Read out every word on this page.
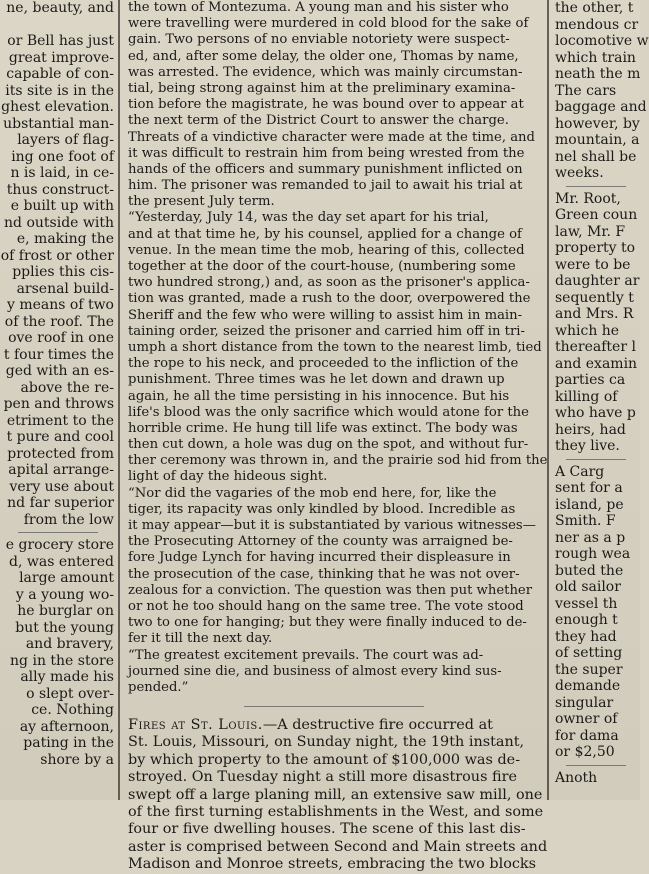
ne, beauty, and
or Bell has just
great improve-
capable of con-
its site is in the
ghest elevation.
ubstantial man-
layers of flag-
ing one foot of
n is laid, in ce-
thus construct-
e built up with
nd outside with
e, making the
of frost or other
pplies this cis-
arsenal build-
y means of two
of the roof. The
ove roof in one
t four times the
ged with an es-
above the re-
pen and throws
etriment to the
t pure and cool
protected from
apital arrange-
very use about
nd far superior
from the low
e grocery store
d, was entered
large amount
y a young wo-
he burglar on
but the young
and bravery,
ng in the store
ally made his
o slept over-
ce. Nothing
ay afternoon,
pating in the
shore by a
the town of Montezuma. A young man and his sister who
were travelling were murdered in cold blood for the sake of
gain. Two persons of no enviable notoriety were suspect-
ed, and, after some delay, the older one, Thomas by name,
was arrested. The evidence, which was mainly circumstan-
tial, being strong against him at the preliminary examina-
tion before the magistrate, he was bound over to appear at
the next term of the District Court to answer the charge.
Threats of a vindictive character were made at the time, and
it was difficult to restrain him from being wrested from the
hands of the officers and summary punishment inflicted on
him. The prisoner was remanded to jail to await his trial at
the present July term.
“Yesterday, July 14, was the day set apart for his trial,
and at that time he, by his counsel, applied for a change of
venue. In the mean time the mob, hearing of this, collected
together at the door of the court-house, (numbering some
two hundred strong,) and, as soon as the prisoner's applica-
tion was granted, made a rush to the door, overpowered the
Sheriff and the few who were willing to assist him in main-
taining order, seized the prisoner and carried him off in tri-
umph a short distance from the town to the nearest limb, tied
the rope to his neck, and proceeded to the infliction of the
punishment. Three times was he let down and drawn up
again, he all the time persisting in his innocence. But his
life's blood was the only sacrifice which would atone for the
horrible crime. He hung till life was extinct. The body was
then cut down, a hole was dug on the spot, and without fur-
ther ceremony was thrown in, and the prairie sod hid from the
light of day the hideous sight.
“Nor did the vagaries of the mob end here, for, like the
tiger, its rapacity was only kindled by blood. Incredible as
it may appear—but it is substantiated by various witnesses—
the Prosecuting Attorney of the county was arraigned be-
fore Judge Lynch for having incurred their displeasure in
the prosecution of the case, thinking that he was not over-
zealous for a conviction. The question was then put whether
or not he too should hang on the same tree. The vote stood
two to one for hanging; but they were finally induced to de-
fer it till the next day.
“The greatest excitement prevails. The court was ad-
journed sine die, and business of almost every kind sus-
pended.”
Fires at St. Louis.—A destructive fire occurred at
St. Louis, Missouri, on Sunday night, the 19th instant,
by which property to the amount of $100,000 was de-
stroyed. On Tuesday night a still more disastrous fire
swept off a large planing mill, an extensive saw mill, one
of the first turning establishments in the West, and some
four or five dwelling houses. The scene of this last dis-
aster is comprised between Second and Main streets and
Madison and Monroe streets, embracing the two blocks
the other, t
mendous cr
locomotive w
which train
neath the m
The cars
baggage and
however, by
mountain, a
nel shall be
weeks.
Mr. Root,
Green coun
law, Mr. F
property to
were to be
daughter ar
sequently t
and Mrs. R
which he
thereafter l
and examin
parties ca
killing of
who have p
heirs, had
they live.
A Carg
sent for a
island, pe
Smith. F
ner as a p
rough wea
buted the
old sailor
vessel th
enough t
they had
of setting
the super
demande
singular
owner of
for dama
or $2,50
Anoth
